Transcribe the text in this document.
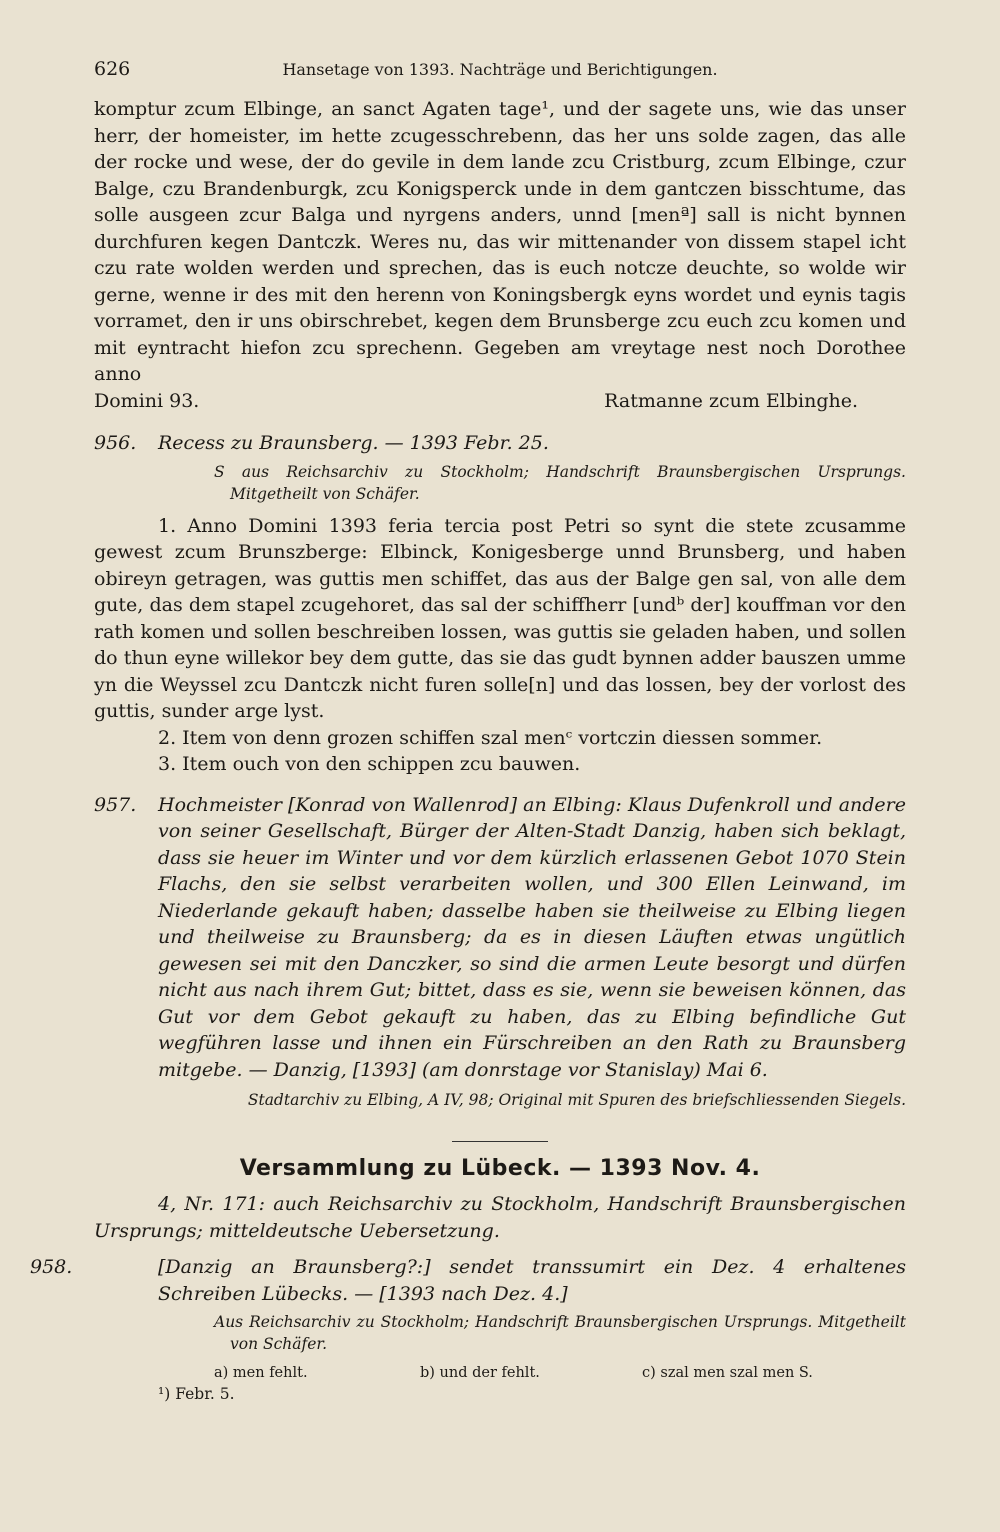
626	Hansetage von 1393. Nachträge und Berichtigungen.

komptur zcum Elbinge, an sanct Agaten tage¹, und der sagete uns, wie das unser herr, der homeister, im hette zcugesschrebenn, das her uns solde zagen, das alle der rocke und wese, der do gevile in dem lande zcu Cristburg, zcum Elbinge, czur Balge, czu Brandenburgk, zcu Konigsperck unde in dem gantczen bisschtume, das solle ausgeen zcur Balga und nyrgens anders, unnd [menª] sall is nicht bynnen durchfuren kegen Dantczk. Weres nu, das wir mittenander von dissem stapel icht czu rate wolden werden und sprechen, das is euch notcze deuchte, so wolde wir gerne, wenne ir des mit den herenn von Koningsbergk eyns wordet und eynis tagis vorramet, den ir uns obirschrebet, kegen dem Brunsberge zcu euch zcu komen und mit eyntracht hiefon zcu sprechenn. Gegeben am vreytage nest noch Dorothee anno

Domini 93.	Ratmanne zcum Elbinghe.
956. Recess zu Braunsberg. — 1393 Febr. 25.

S aus Reichsarchiv zu Stockholm; Handschrift Braunsbergischen Ursprungs. Mitgetheilt von Schäfer.

1. Anno Domini 1393 feria tercia post Petri so synt die stete zcusamme gewest zcum Brunszberge: Elbinck, Konigesberge unnd Brunsberg, und haben obireyn getragen, was guttis men schiffet, das aus der Balge gen sal, von alle dem gute, das dem stapel zcugehoret, das sal der schiffherr [undᵇ der] kouffman vor den rath komen und sollen beschreiben lossen, was guttis sie geladen haben, und sollen do thun eyne willekor bey dem gutte, das sie das gudt bynnen adder bauszen umme yn die Weyssel zcu Dantczk nicht furen solle[n] und das lossen, bey der vorlost des guttis, sunder arge lyst.

2. Item von denn grozen schiffen szal menᶜ vortczin diessen sommer.

3. Item ouch von den schippen zcu bauwen.

957. Hochmeister [Konrad von Wallenrod] an Elbing: Klaus Dufenkroll und andere von seiner Gesellschaft, Bürger der Alten-Stadt Danzig, haben sich beklagt, dass sie heuer im Winter und vor dem kürzlich erlassenen Gebot 1070 Stein Flachs, den sie selbst verarbeiten wollen, und 300 Ellen Leinwand, im Niederlande gekauft haben; dasselbe haben sie theilweise zu Elbing liegen und theilweise zu Braunsberg; da es in diesen Läuften etwas ungütlich gewesen sei mit den Danczker, so sind die armen Leute besorgt und dürfen nicht aus nach ihrem Gut; bittet, dass es sie, wenn sie beweisen können, das Gut vor dem Gebot gekauft zu haben, das zu Elbing befindliche Gut wegführen lasse und ihnen ein Fürschreiben an den Rath zu Braunsberg mitgebe. — Danzig, [1393] (am donrstage vor Stanislay) Mai 6.

Stadtarchiv zu Elbing, A IV, 98; Original mit Spuren des briefschliessenden Siegels.

Versammlung zu Lübeck. — 1393 Nov. 4.

4, Nr. 171: auch Reichsarchiv zu Stockholm, Handschrift Braunsbergischen Ursprungs; mitteldeutsche Uebersetzung.

958.	[Danzig an Braunsberg?:] sendet transsumirt ein Dez. 4 erhaltenes Schreiben Lübecks. — [1393 nach Dez. 4.]

Aus Reichsarchiv zu Stockholm; Handschrift Braunsbergischen Ursprungs. Mitgetheilt von Schäfer.

a) men fehlt.	b) und der fehlt.	c) szal men szal men S.
¹) Febr. 5.
